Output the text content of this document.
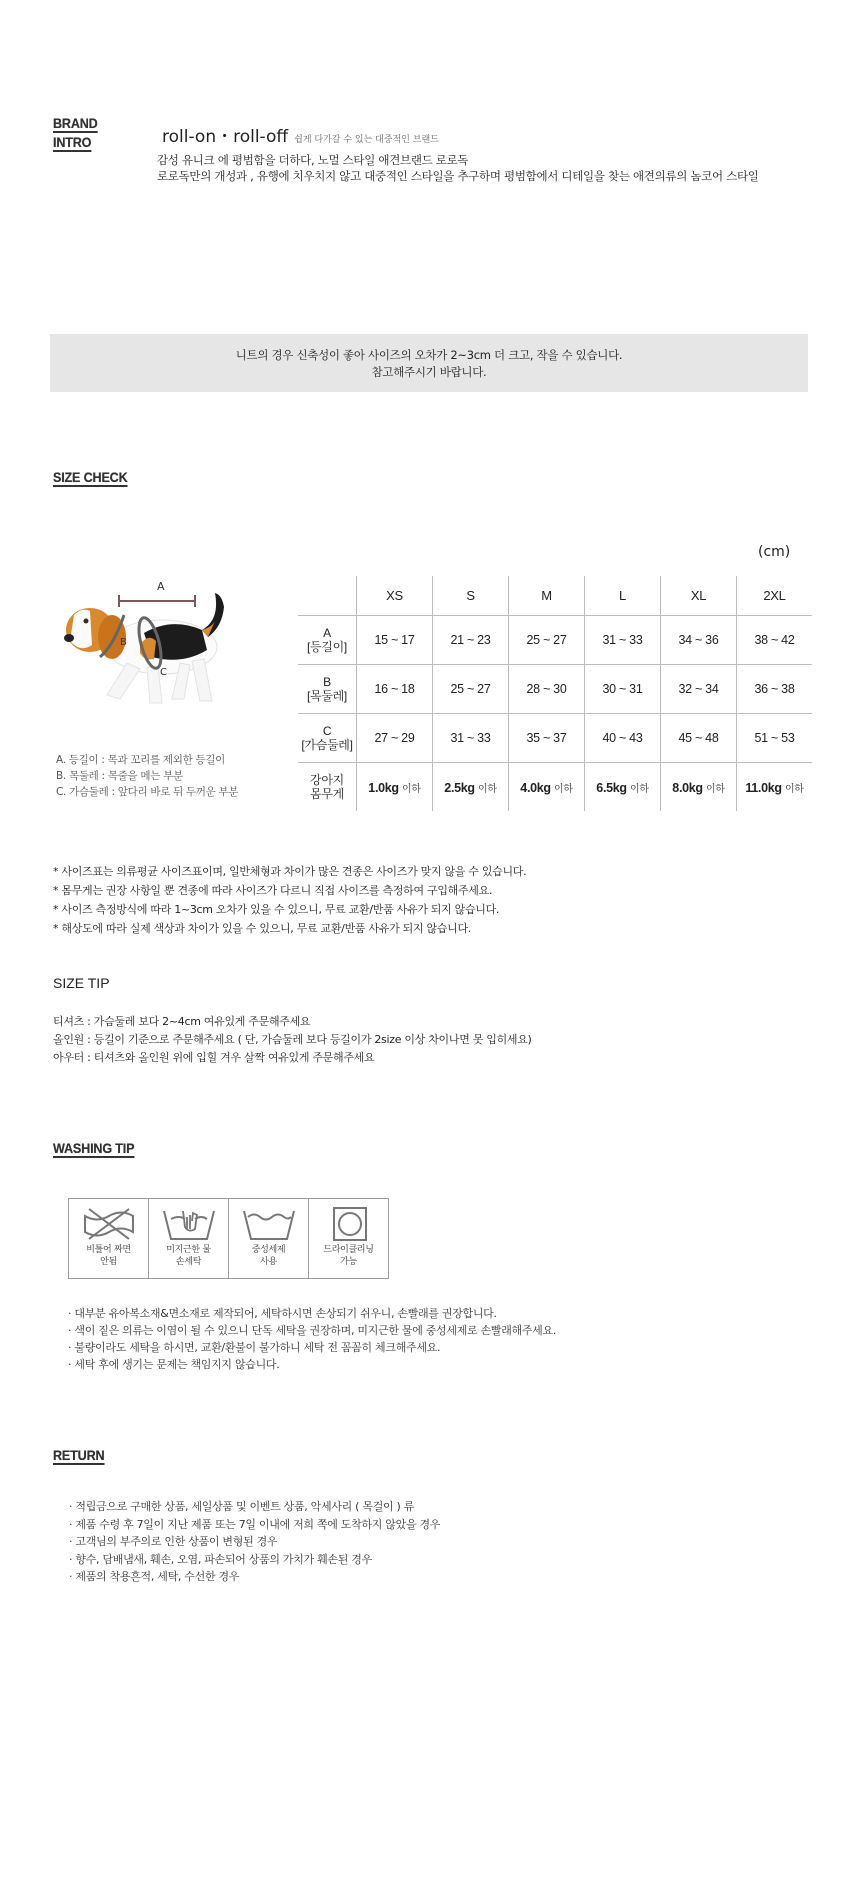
BRAND
INTRO	roll-on・roll-off 쉽게 다가갈 수 있는 대중적인 브랜드
감성 유니크 에 평범함을 더하다, 노멀 스타일 애견브랜드 로로독
로로독만의 개성과 , 유행에 치우치지 않고 대중적인 스타일을 추구하며 평범함에서 디테일을 찾는 애견의류의 놈코어 스타일
니트의 경우 신축성이 좋아 사이즈의 오차가 2~3cm 더 크고, 작을 수 있습니다.
참고해주시기 바랍니다.
SIZE CHECK
(cm)
A
B
C
A. 등길이 : 목과 꼬리를 제외한 등길이
B. 목둘레 : 목줄을 메는 부분
C. 가슴둘레 : 앞다리 바로 뒤 두꺼운 부분
	XS	S	M	L	XL	2XL

A
[등길이]	15 ~ 17	21 ~ 23	25 ~ 27	31 ~ 33	34 ~ 36	38 ~ 42

B
[목둘레]	16 ~ 18	25 ~ 27	28 ~ 30	30 ~ 31	32 ~ 34	36 ~ 38

C
[가슴둘레]	27 ~ 29	31 ~ 33	35 ~ 37	40 ~ 43	45 ~ 48	51 ~ 53

강아지
몸무게	1.0kg 이하	2.5kg 이하	4.0kg 이하	6.5kg 이하	8.0kg 이하	11.0kg 이하
* 사이즈표는 의류평균 사이즈표이며, 일반체형과 차이가 많은 견종은 사이즈가 맞지 않을 수 있습니다.
* 몸무게는 권장 사항일 뿐 견종에 따라 사이즈가 다르니 직접 사이즈를 측정하여 구입해주세요.
* 사이즈 측정방식에 따라 1~3cm 오차가 있을 수 있으니, 무료 교환/반품 사유가 되지 않습니다.
* 해상도에 따라 실제 색상과 차이가 있을 수 있으니, 무료 교환/반품 사유가 되지 않습니다.
SIZE TIP
티셔츠 : 가슴둘레 보다 2~4cm 여유있게 주문해주세요
올인원 : 등길이 기준으로 주문해주세요 ( 단, 가슴둘레 보다 등길이가 2size 이상 차이나면 못 입히세요)
아우터 : 티셔츠와 올인원 위에 입힐 겨우 살짝 여유있게 주문해주세요
WASHING TIP
비틀어 짜면
안됨
미지근한 물
손세탁
중성세제
사용
드라이클리닝
가능
· 대부분 유아복소재&면소재로 제작되어, 세탁하시면 손상되기 쉬우니, 손빨래를 권장합니다.
· 색이 짙은 의류는 이염이 될 수 있으니 단독 세탁을 권장하며, 미지근한 물에 중성세제로 손빨래해주세요.
· 불량이라도 세탁을 하시면, 교환/환불이 불가하니 세탁 전 꼼꼼히 체크해주세요.
· 세탁 후에 생기는 문제는 책임지지 않습니다.
RETURN
· 적립금으로 구매한 상품, 세일상품 및 이벤트 상품, 악세사리 ( 목걸이 ) 류
· 제품 수령 후 7일이 지난 제품 또는 7일 이내에 저희 쪽에 도착하지 않았을 경우
· 고객님의 부주의로 인한 상품이 변형된 경우
· 향수, 담배냄새, 훼손, 오염, 파손되어 상품의 가치가 훼손된 경우
· 제품의 착용흔적, 세탁, 수선한 경우
